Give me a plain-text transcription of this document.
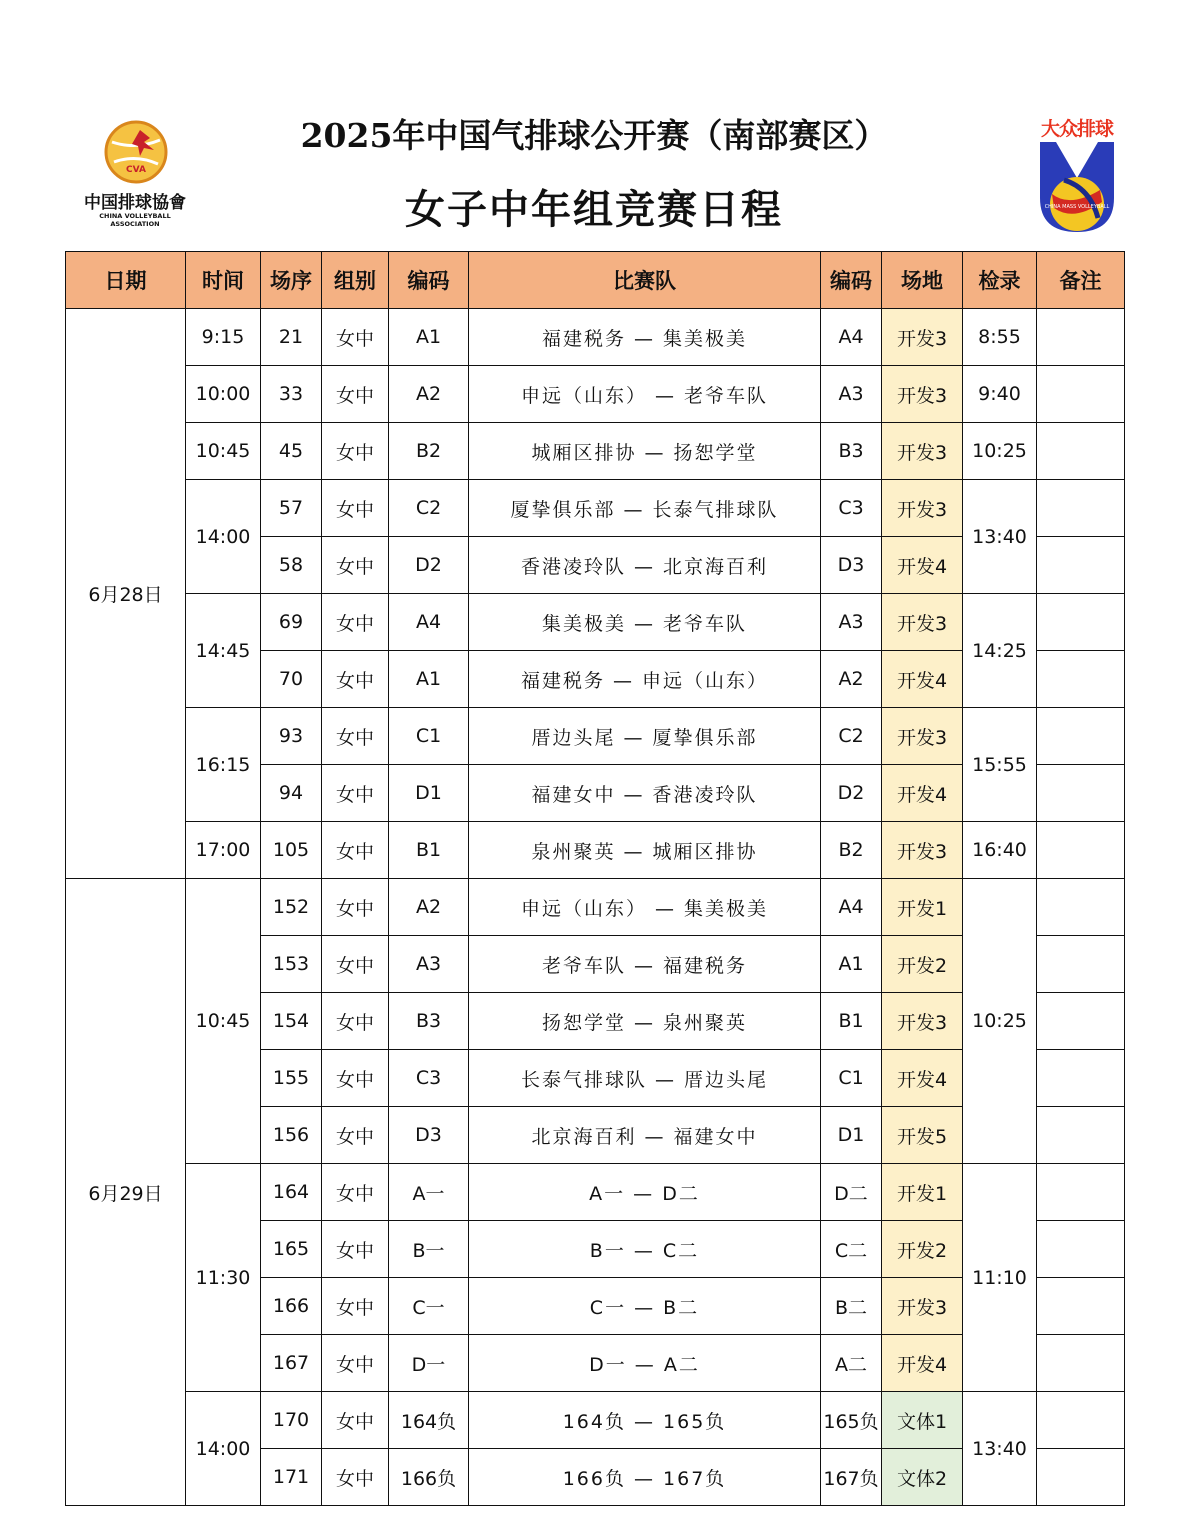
CVA
中国排球協會
CHINA VOLLEYBALL ASSOCIATION
大众排球
CHINA MASS VOLLEYBALL
2025年中国气排球公开赛（南部赛区）
女子中年组竞赛日程
日期	时间	场序	组别	编码	比赛队	编码	场地	检录	备注
6月28日	9:15	21	女中	A1	福建税务 — 集美极美	A4	开发3	8:55	
	10:00	33	女中	A2	申远（山东） — 老爷车队	A3	开发3	9:40	
	10:45	45	女中	B2	城厢区排协 — 扬恕学堂	B3	开发3	10:25	
	14:00	57	女中	C2	厦挚俱乐部 — 长泰气排球队	C3	开发3	13:40	
		58	女中	D2	香港凌玲队 — 北京海百利	D3	开发4		
	14:45	69	女中	A4	集美极美 — 老爷车队	A3	开发3	14:25	
		70	女中	A1	福建税务 — 申远（山东）	A2	开发4		
	16:15	93	女中	C1	厝边头尾 — 厦挚俱乐部	C2	开发3	15:55	
		94	女中	D1	福建女中 — 香港凌玲队	D2	开发4		
	17:00	105	女中	B1	泉州聚英 — 城厢区排协	B2	开发3	16:40	
6月29日	10:45	152	女中	A2	申远（山东） — 集美极美	A4	开发1	10:25	
		153	女中	A3	老爷车队 — 福建税务	A1	开发2		
		154	女中	B3	扬恕学堂 — 泉州聚英	B1	开发3		
		155	女中	C3	长泰气排球队 — 厝边头尾	C1	开发4		
		156	女中	D3	北京海百利 — 福建女中	D1	开发5		
	11:30	164	女中	A一	A一 — D二	D二	开发1	11:10	
		165	女中	B一	B一 — C二	C二	开发2		
		166	女中	C一	C一 — B二	B二	开发3		
		167	女中	D一	D一 — A二	A二	开发4		
	14:00	170	女中	164负	164负 — 165负	165负	文体1	13:40	
		171	女中	166负	166负 — 167负	167负	文体2		
